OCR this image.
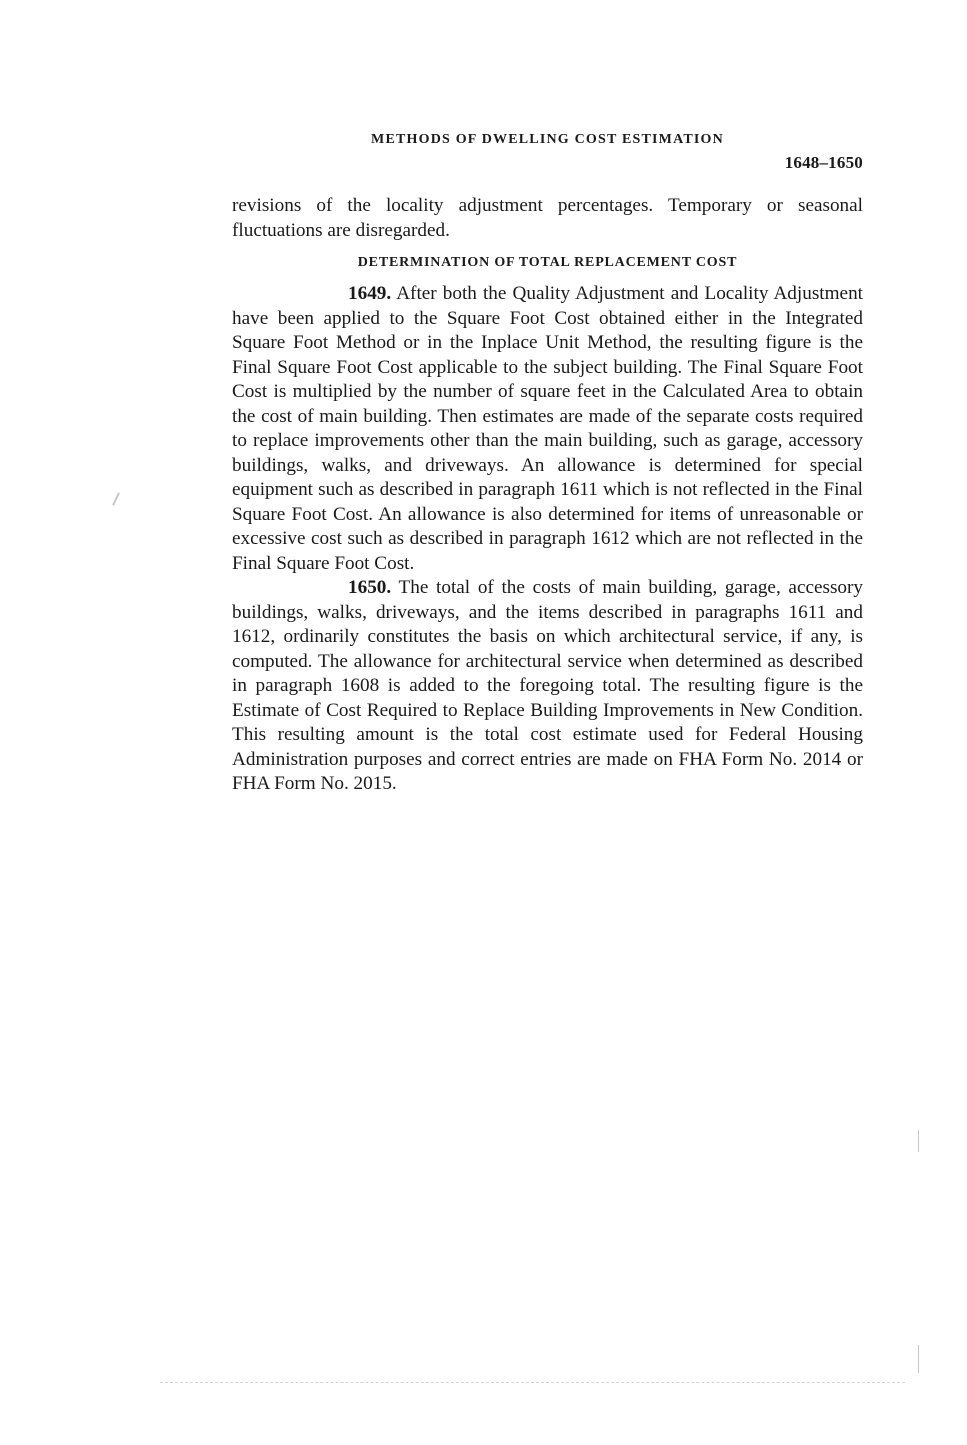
METHODS OF DWELLING COST ESTIMATION
1648–1650

revisions of the locality adjustment percentages. Temporary or seasonal fluctuations are disregarded.

DETERMINATION OF TOTAL REPLACEMENT COST

1649. After both the Quality Adjustment and Locality Adjustment have been applied to the Square Foot Cost obtained either in the Integrated Square Foot Method or in the Inplace Unit Method, the resulting figure is the Final Square Foot Cost applicable to the subject building. The Final Square Foot Cost is multiplied by the number of square feet in the Calculated Area to obtain the cost of main building. Then estimates are made of the separate costs required to replace improvements other than the main building, such as garage, accessory buildings, walks, and driveways. An allowance is determined for special equipment such as described in paragraph 1611 which is not reflected in the Final Square Foot Cost. An allowance is also determined for items of unreasonable or excessive cost such as described in paragraph 1612 which are not reflected in the Final Square Foot Cost.

1650. The total of the costs of main building, garage, accessory buildings, walks, driveways, and the items described in paragraphs 1611 and 1612, ordinarily constitutes the basis on which architectural service, if any, is computed. The allowance for architectural service when determined as described in paragraph 1608 is added to the foregoing total. The resulting figure is the Estimate of Cost Required to Replace Building Improvements in New Condition. This resulting amount is the total cost estimate used for Federal Housing Administration purposes and correct entries are made on FHA Form No. 2014 or FHA Form No. 2015.
